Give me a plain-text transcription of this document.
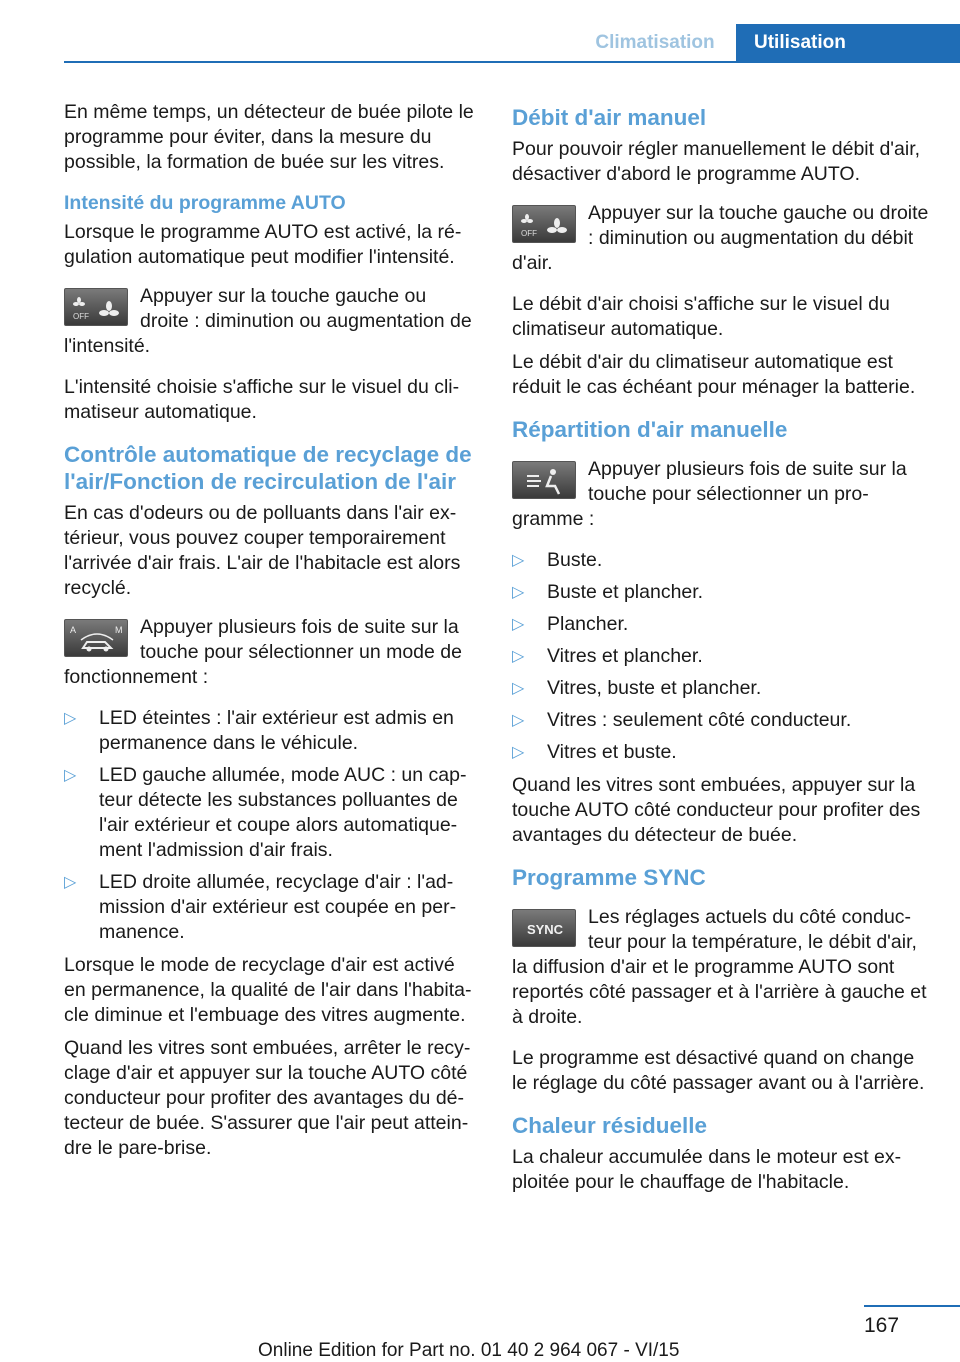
Climatisation	Utilisation

En même temps, un détecteur de buée pilote le programme pour éviter, dans la mesure du possible, la formation de buée sur les vitres.

Intensité du programme AUTO

Lorsque le programme AUTO est activé, la ré‐gulation automatique peut modifier l'intensité.

OFF
Appuyer sur la touche gauche ou droite : diminution ou augmentation de l'intensité.

L'intensité choisie s'affiche sur le visuel du cli‐matiseur automatique.

Contrôle automatique de recyclage de l'air/Fonction de recirculation de l'air

En cas d'odeurs ou de polluants dans l'air ex‐térieur, vous pouvez couper temporairement l'arrivée d'air frais. L'air de l'habitacle est alors recyclé.

A	M Appuyer plusieurs fois de suite sur la touche pour sélectionner un mode de fonctionnement :
▷ LED éteintes : l'air extérieur est admis en permanence dans le véhicule.
▷ LED gauche allumée, mode AUC : un cap‐teur détecte les substances polluantes de l'air extérieur et coupe alors automatique‐ment l'admission d'air frais.
▷ LED droite allumée, recyclage d'air : l'ad‐mission d'air extérieur est coupée en per‐manence.

Lorsque le mode de recyclage d'air est activé en permanence, la qualité de l'air dans l'habita‐cle diminue et l'embuage des vitres augmente.

Quand les vitres sont embuées, arrêter le recy‐clage d'air et appuyer sur la touche AUTO côté conducteur pour profiter des avantages du dé‐tecteur de buée. S'assurer que l'air peut attein‐dre le pare-brise.

Débit d'air manuel

Pour pouvoir régler manuellement le débit d'air, désactiver d'abord le programme AUTO.

OFF
Appuyer sur la touche gauche ou droite : diminution ou augmentation du débit d'air.

Le débit d'air choisi s'affiche sur le visuel du climatiseur automatique.

Le débit d'air du climatiseur automatique est réduit le cas échéant pour ménager la batterie.

Répartition d'air manuelle
Appuyer plusieurs fois de suite sur la touche pour sélectionner un pro‐gramme :
▷ Buste.
▷ Buste et plancher.
▷ Plancher.
▷ Vitres et plancher.
▷ Vitres, buste et plancher.
▷ Vitres : seulement côté conducteur.
▷ Vitres et buste.

Quand les vitres sont embuées, appuyer sur la touche AUTO côté conducteur pour profiter des avantages du détecteur de buée.

Programme SYNC
SYNC
Les réglages actuels du côté conduc‐teur pour la température, le débit d'air, la diffusion d'air et le programme AUTO sont reportés côté passager et à l'arrière à gauche et à droite.

Le programme est désactivé quand on change le réglage du côté passager avant ou à l'arrière.

Chaleur résiduelle

La chaleur accumulée dans le moteur est ex‐ploitée pour le chauffage de l'habitacle.

167
Online Edition for Part no. 01 40 2 964 067 - VI/15
